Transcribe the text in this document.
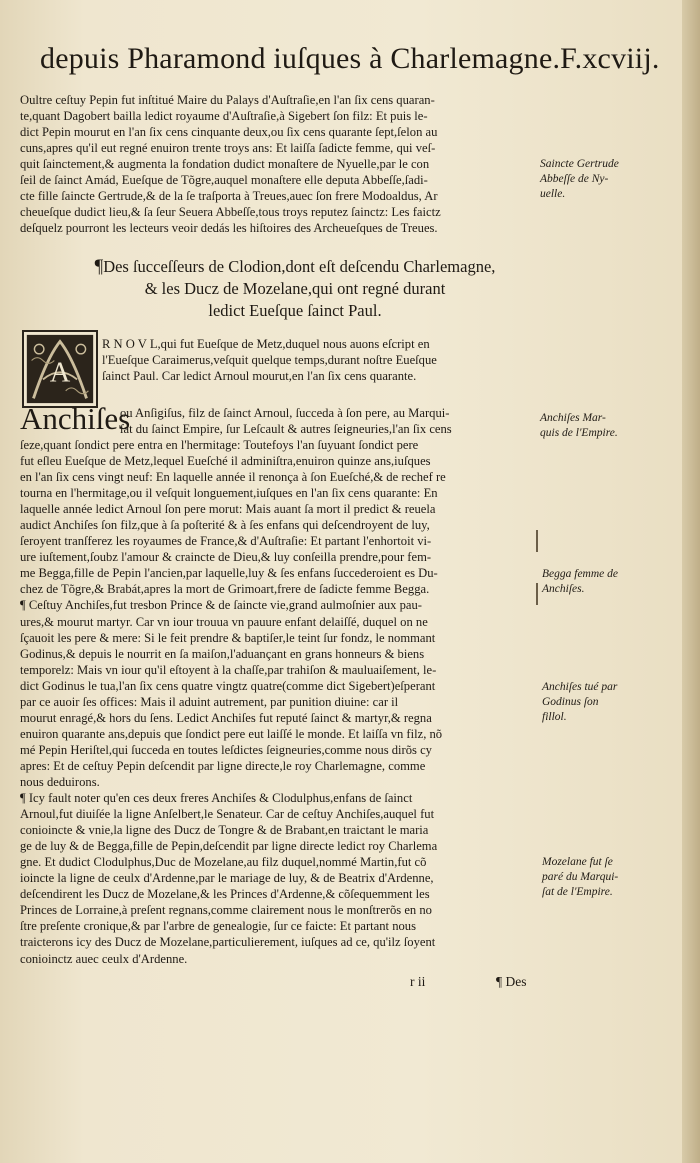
depuis Pharamond iuſques à Charlemagne.F.xcviij.

Oultre ceſtuy Pepin fut inſtitué Maire du Palays d'Auſtraſie,en l'an ſix cens quaran-
te,quant Dagobert bailla ledict royaume d'Auſtraſie,à Sigebert ſon filz: Et puis le-
dict Pepin mourut en l'an ſix cens cinquante deux,ou ſix cens quarante ſept,ſelon au
cuns,apres qu'il eut regné enuiron trente troys ans: Et laiſſa ſadicte femme, qui veſ-
quit ſainctement,& augmenta la fondation dudict monaſtere de Nyuelle,par le con
ſeil de ſainct Amád, Eueſque de Tõgre,auquel monaſtere elle deputa Abbeſſe,ſadi-
cte fille ſaincte Gertrude,& de la ſe traſporta à Treues,auec ſon frere Modoaldus, Ar
cheueſque dudict lieu,& ſa ſeur Seuera Abbeſſe,tous troys reputez ſainctz: Les faictz
deſquelz pourront les lecteurs veoir dedás les hiſtoires des Archeueſques de Treues.

¶Des ſucceſſeurs de Clodion,dont eſt deſcendu Charlemagne,
& les Ducz de Mozelane,qui ont regné durant
ledict Eueſque ſainct Paul.
A

R N O V L,qui fut Eueſque de Metz,duquel nous auons eſcript en
l'Eueſque Caraimerus,veſquit quelque temps,durant noſtre Eueſque
ſainct Paul. Car ledict Arnoul mourut,en l'an ſix cens quarante.

Anchiſes

ou Anſigiſus, filz de ſainct Arnoul, ſucceda à ſon pere, au Marqui-
ſat du ſainct Empire, ſur Leſcault & autres ſeigneuries,l'an ſix cens

ſeze,quant ſondict pere entra en l'hermitage: Toutefoys l'an ſuyuant ſondict pere
fut eſleu Eueſque de Metz,lequel Eueſché il adminiſtra,enuiron quinze ans,iuſques
en l'an ſix cens vingt neuf: En laquelle année il renonça à ſon Eueſché,& de rechef re
tourna en l'hermitage,ou il veſquit longuement,iuſques en l'an ſix cens quarante: En
laquelle année ledict Arnoul ſon pere morut: Mais auant ſa mort il predict & reuela
audict Anchiſes ſon filz,que à ſa poſterité & à ſes enfans qui deſcendroyent de luy,
ſeroyent tranſferez les royaumes de France,& d'Auſtraſie: Et partant l'enhortoit vi-
ure iuſtement,ſoubz l'amour & craincte de Dieu,& luy conſeilla prendre,pour fem-
me Begga,fille de Pepin l'ancien,par laquelle,luy & ſes enfans ſuccederoient es Du-
chez de Tõgre,& Brabát,apres la mort de Grimoart,frere de ſadicte femme Begga.
¶ Ceſtuy Anchiſes,fut tresbon Prince & de ſaincte vie,grand aulmoſnier aux pau-
ures,& mourut martyr. Car vn iour trouua vn pauure enfant delaiſſé, duquel on ne
ſçauoit les pere & mere: Si le feit prendre & baptiſer,le teint ſur fondz, le nommant
Godinus,& depuis le nourrit en ſa maiſon,l'aduançant en grans honneurs & biens
temporelz: Mais vn iour qu'il eſtoyent à la chaſſe,par trahiſon & mauluaiſement, le-
dict Godinus le tua,l'an ſix cens quatre vingtz quatre(comme dict Sigebert)eſperant
par ce auoir ſes offices: Mais il aduint autrement, par punition diuine: car il
mourut enragé,& hors du ſens. Ledict Anchiſes fut reputé ſainct & martyr,& regna
enuiron quarante ans,depuis que ſondict pere eut laiſſé le monde. Et laiſſa vn filz, nõ
mé Pepin Heriſtel,qui ſucceda en toutes leſdictes ſeigneuries,comme nous dirõs cy
apres: Et de ceſtuy Pepin deſcendit par ligne directe,le roy Charlemagne, comme
nous deduirons.
¶ Icy fault noter qu'en ces deux freres Anchiſes & Clodulphus,enfans de ſainct
Arnoul,fut diuiſée la ligne Anſelbert,le Senateur. Car de ceſtuy Anchiſes,auquel fut
conioincte & vnie,la ligne des Ducz de Tongre & de Brabant,en traictant le maria
ge de luy & de Begga,fille de Pepin,deſcendit par ligne directe ledict roy Charlema
gne. Et dudict Clodulphus,Duc de Mozelane,au filz duquel,nommé Martin,fut cõ
ioincte la ligne de ceulx d'Ardenne,par le mariage de luy, & de Beatrix d'Ardenne,
deſcendirent les Ducz de Mozelane,& les Princes d'Ardenne,& cõſequemment les
Princes de Lorraine,à preſent regnans,comme clairement nous le monſtrerõs en no
ſtre preſente cronique,& par l'arbre de genealogie, ſur ce faicte: Et partant nous
traicterons icy des Ducz de Mozelane,particulierement, iuſques ad ce, qu'ilz ſoyent
conioinctz auec ceulx d'Ardenne.

Saincte Gertrude
Abbeſſe de Ny-
uelle.
Anchiſes Mar-
quis de l'Empire.
Begga femme de
Anchiſes.
Anchiſes tué par
Godinus ſon
fillol.
Mozelane fut ſe
paré du Marqui-
ſat de l'Empire.
r ii	¶ Des
